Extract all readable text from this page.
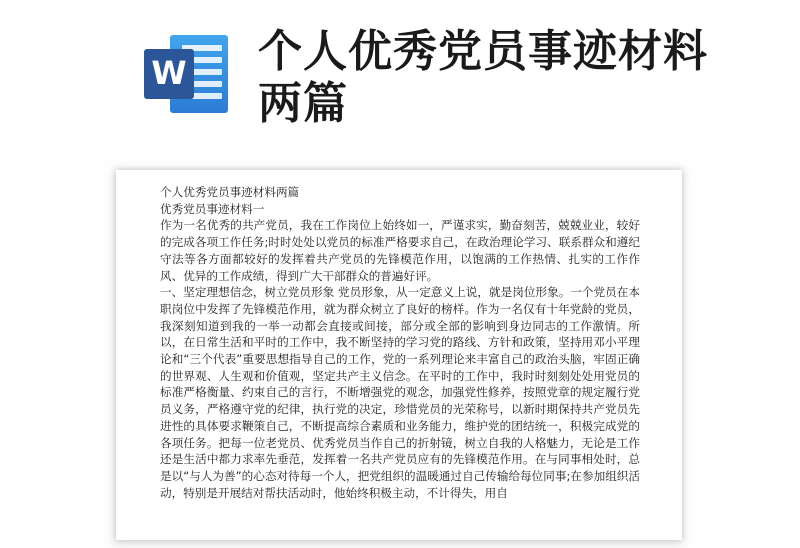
W 个人优秀党员事迹材料两篇

个人优秀党员事迹材料两篇

优秀党员事迹材料一

作为一名优秀的共产党员，我在工作岗位上始终如一，严谨求实，勤奋刻苦，兢兢业业，较好的完成各项工作任务;时时处处以党员的标准严格要求自己，在政治理论学习、联系群众和遵纪守法等各方面都较好的发挥着共产党员的先锋模范作用，以饱满的工作热情、扎实的工作作风、优异的工作成绩，得到广大干部群众的普遍好评。

一、坚定理想信念，树立党员形象 党员形象，从一定意义上说，就是岗位形象。一个党员在本职岗位中发挥了先锋模范作用，就为群众树立了良好的榜样。作为一名仅有十年党龄的党员，我深刻知道到我的一举一动都会直接或间接，部分或全部的影响到身边同志的工作激情。所以，在日常生活和平时的工作中，我不断坚持的学习党的路线、方针和政策，坚持用邓小平理论和“三个代表”重要思想指导自己的工作，党的一系列理论来丰富自己的政治头脑，牢固正确的世界观、人生观和价值观，坚定共产主义信念。在平时的工作中，我时时刻刻处处用党员的标准严格衡量、约束自己的言行，不断增强党的观念，加强党性修养，按照党章的规定履行党员义务，严格遵守党的纪律，执行党的决定，珍惜党员的光荣称号，以新时期保持共产党员先进性的具体要求鞭策自己，不断提高综合素质和业务能力，维护党的团结统一，积极完成党的各项任务。把每一位老党员、优秀党员当作自己的折射镜，树立自我的人格魅力，无论是工作还是生活中都力求率先垂范，发挥着一名共产党员应有的先锋模范作用。在与同事相处时，总是以“与人为善”的心态对待每一个人，把党组织的温暖通过自己传输给每位同事;在参加组织活动，特别是开展结对帮扶活动时，他始终积极主动，不计得失，用自
